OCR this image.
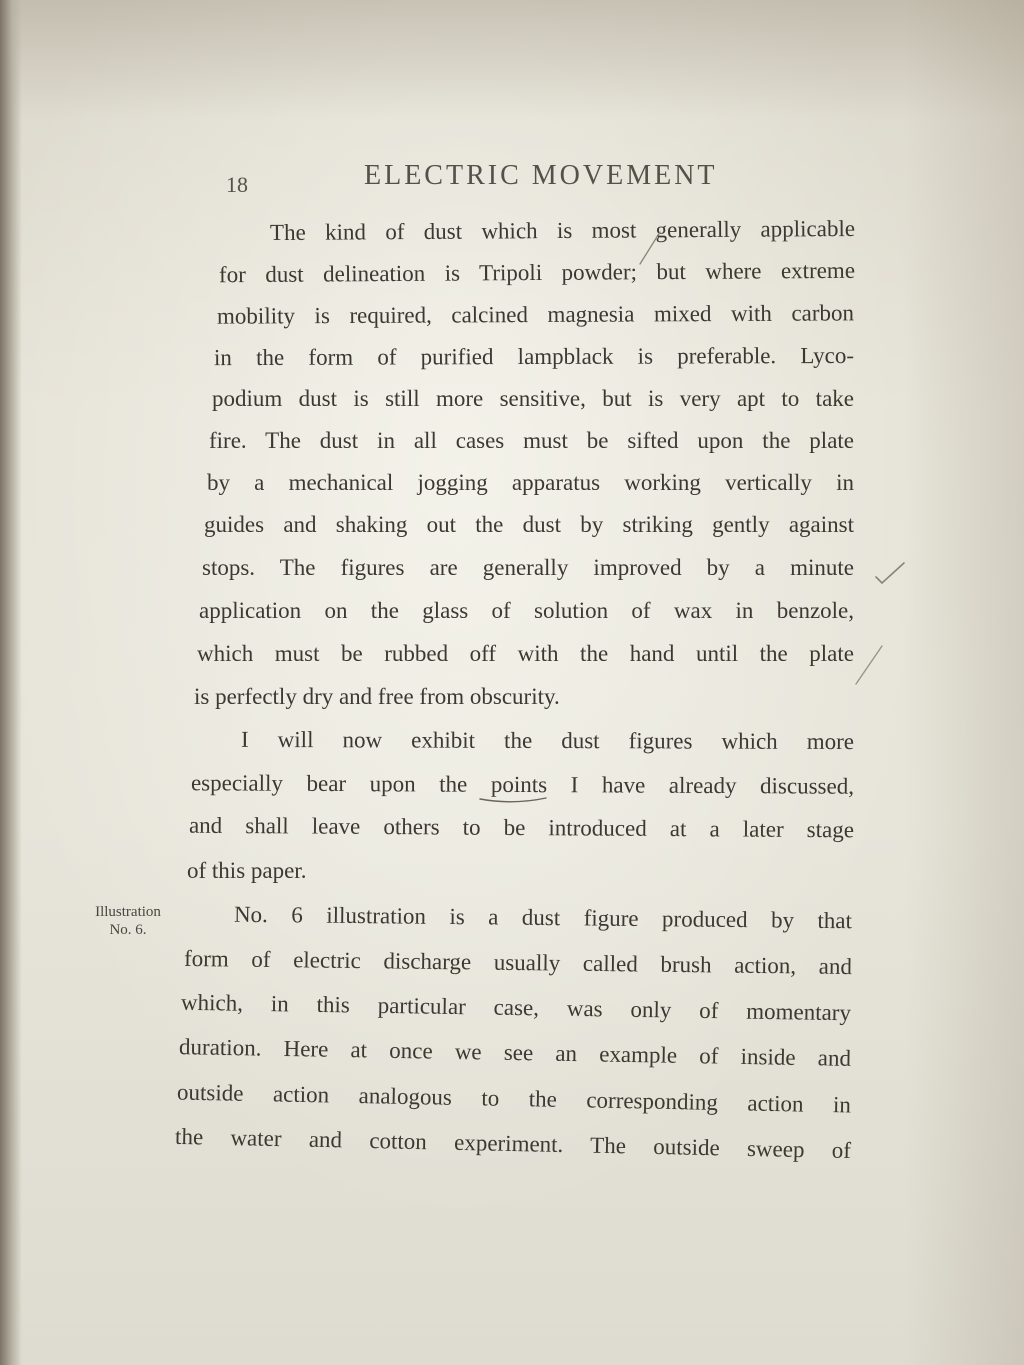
18	ELECTRIC MOVEMENT
The kind of dust which is most generally applicable
for dust delineation is Tripoli powder; but where extreme
mobility is required, calcined magnesia mixed with carbon
in the form of purified lampblack is preferable. Lyco-
podium dust is still more sensitive, but is very apt to take
fire. The dust in all cases must be sifted upon the plate
by a mechanical jogging apparatus working vertically in
guides and shaking out the dust by striking gently against
stops. The figures are generally improved by a minute
application on the glass of solution of wax in benzole,
which must be rubbed off with the hand until the plate
is perfectly dry and free from obscurity.
I will now exhibit the dust figures which more
especially bear upon the points I have already discussed,
and shall leave others to be introduced at a later stage
of this paper.
Illustration
No. 6.	No. 6 illustration is a dust figure produced by that
form of electric discharge usually called brush action, and
which, in this particular case, was only of momentary
duration. Here at once we see an example of inside and
outside action analogous to the corresponding action in
the water and cotton experiment. The outside sweep of
